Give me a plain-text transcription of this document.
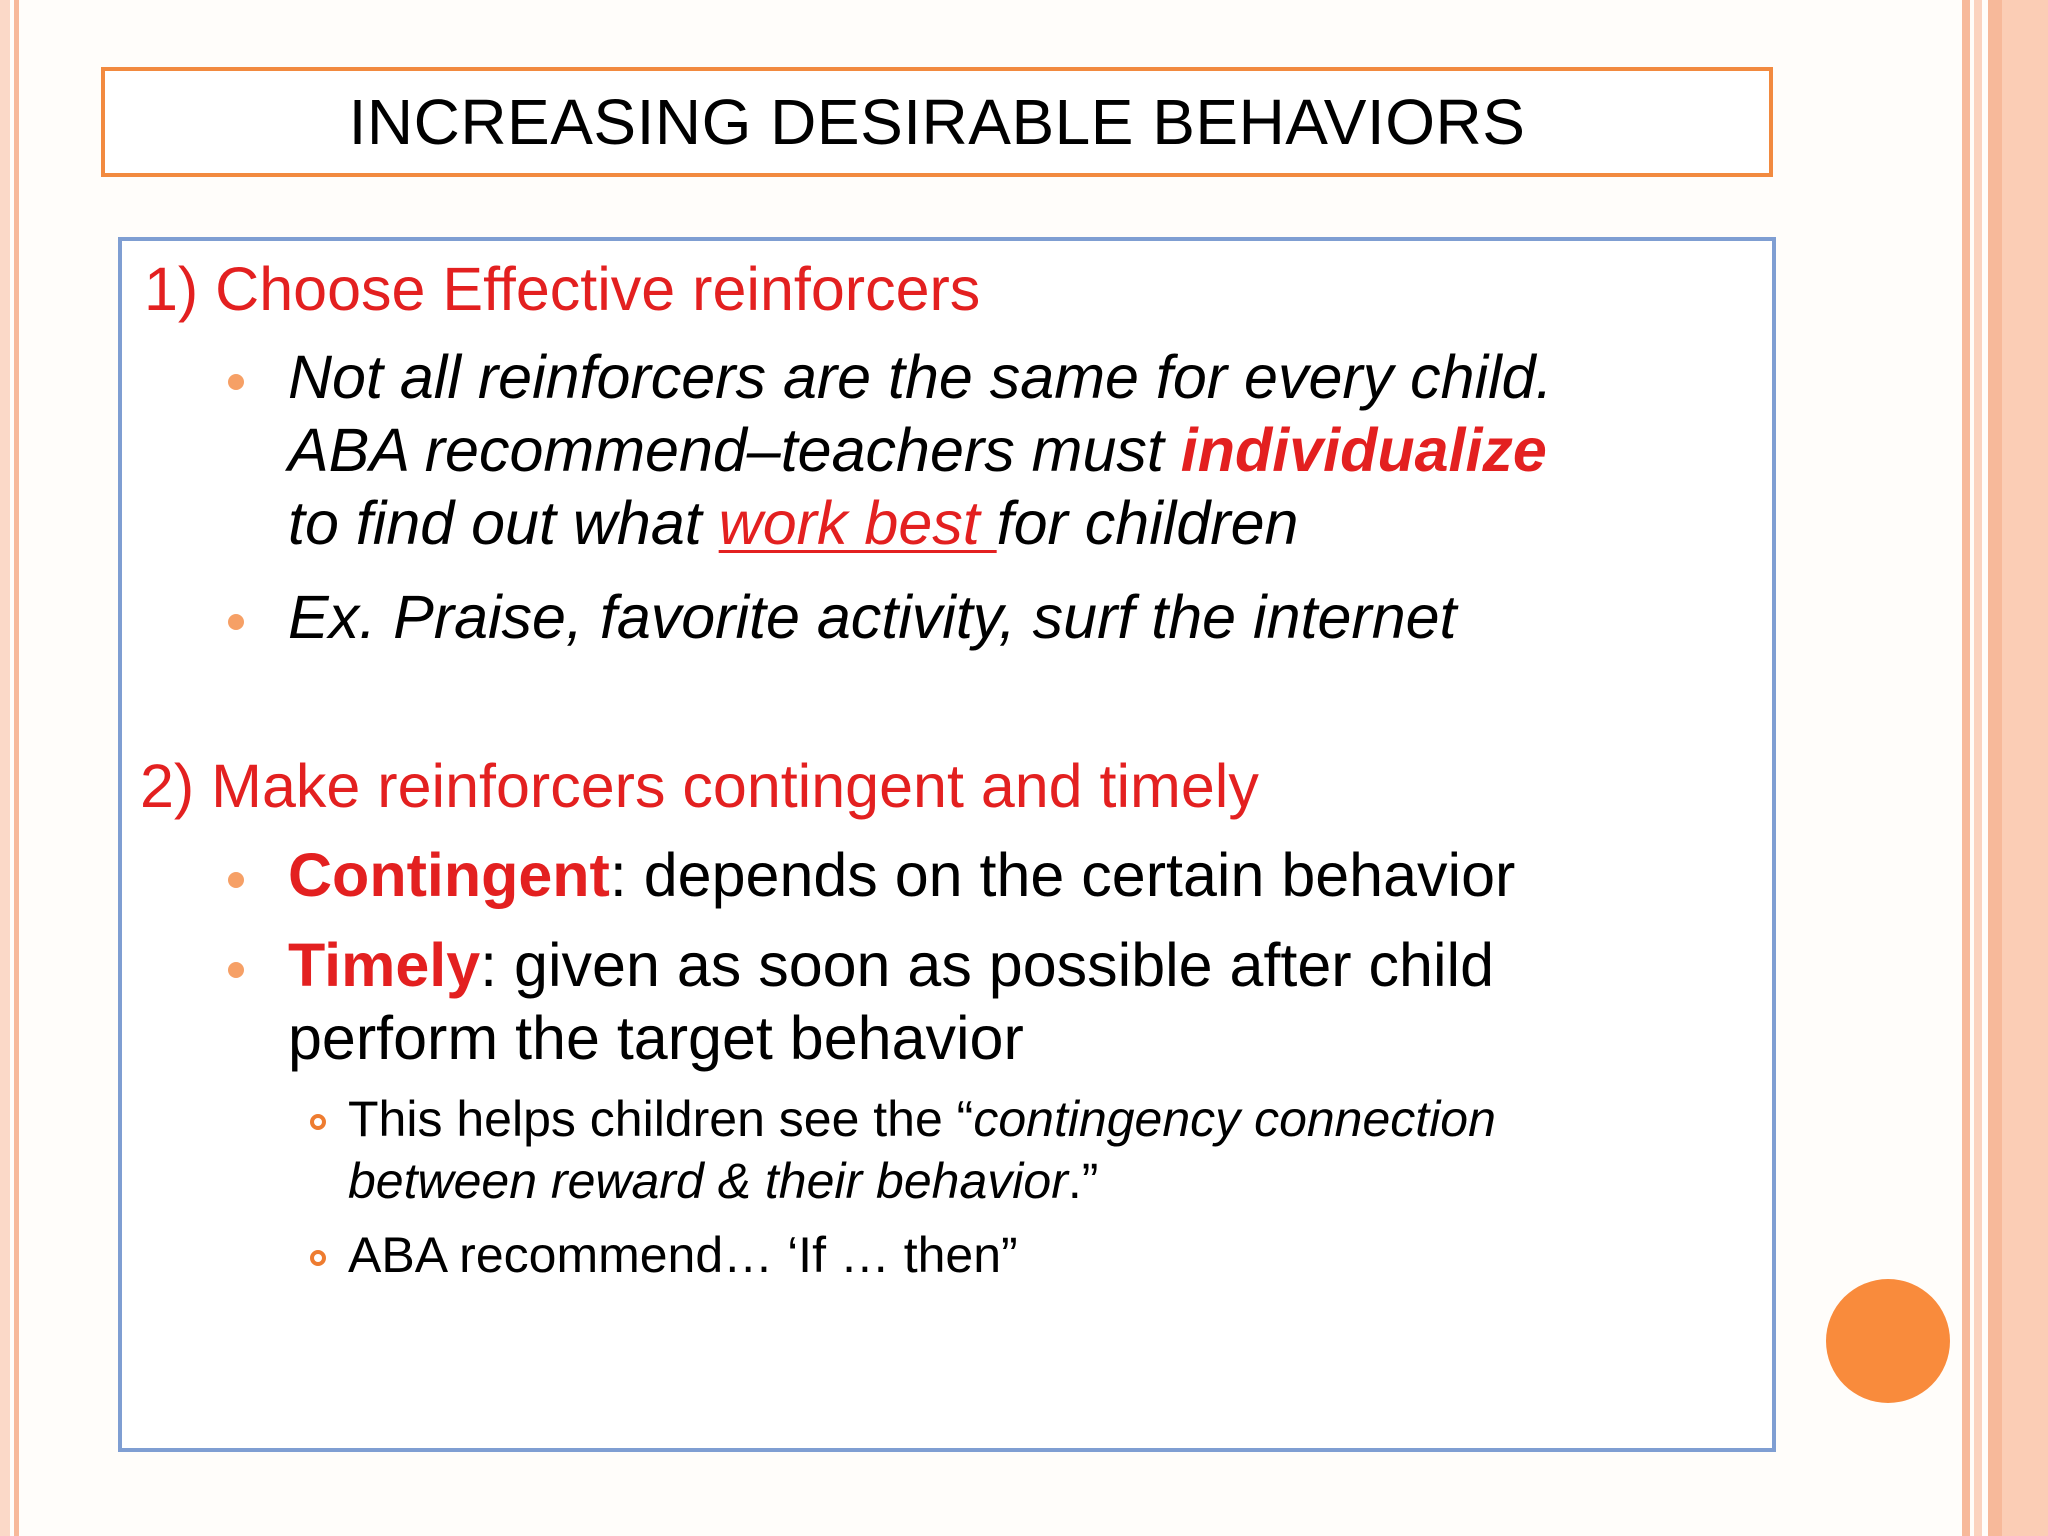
INCREASING DESIRABLE BEHAVIORS
1) Choose Effective reinforcers
Not all reinforcers are the same for every child.
ABA recommend–teachers must individualize
to find out what work best for children
Ex. Praise, favorite activity, surf the internet
2) Make reinforcers contingent and timely
Contingent: depends on the certain behavior
Timely: given as soon as possible after child
perform the target behavior
This helps children see the “contingency connection
between reward & their behavior.”
ABA recommend… ‘If … then”
